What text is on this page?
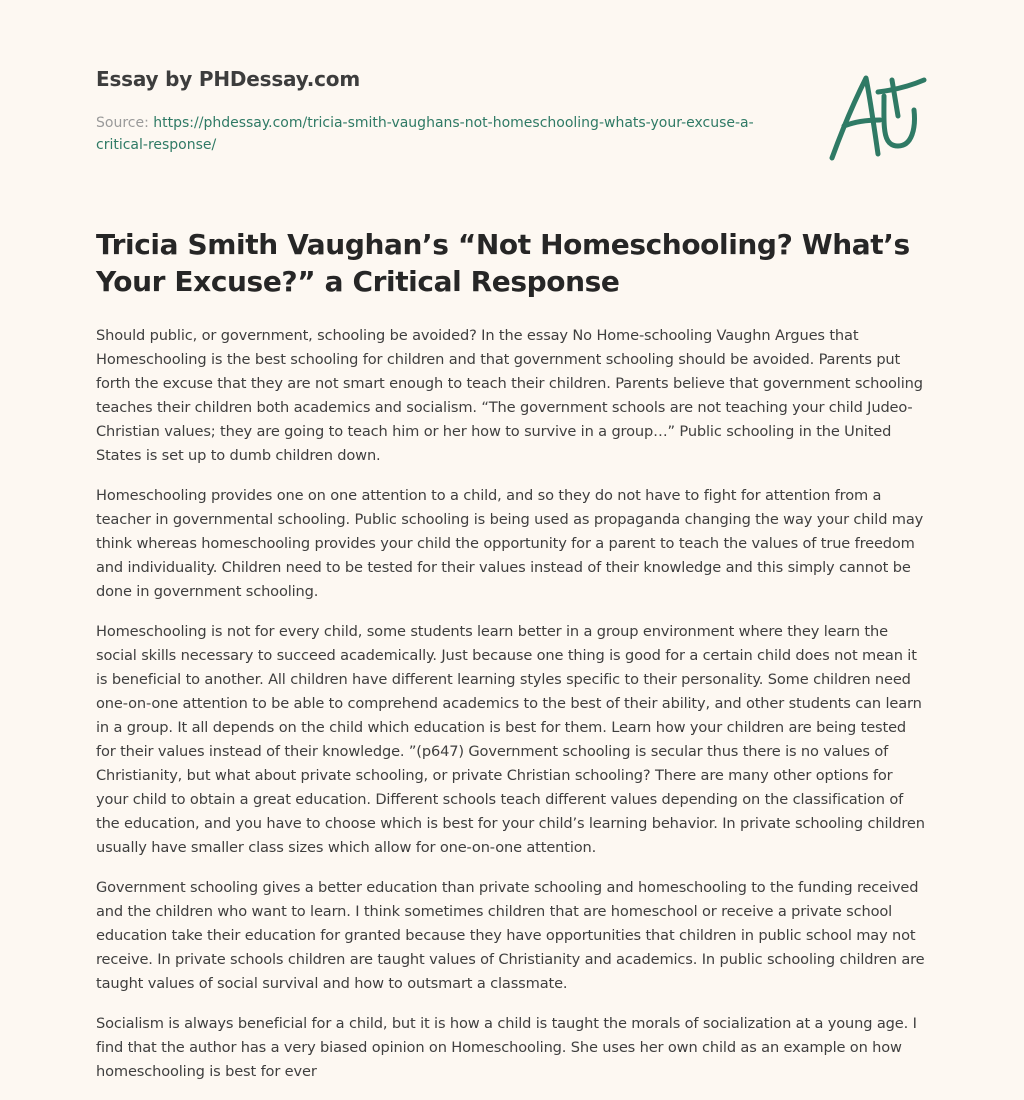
Essay by PHDessay.com
Source: https://phdessay.com/tricia-smith-vaughans-not-homeschooling-whats-your-excuse-a-critical-response/
Tricia Smith Vaughan’s “Not Homeschooling? What’s Your Excuse?” a Critical Response

Should public, or government, schooling be avoided? In the essay No Home-schooling Vaughn Argues that Homeschooling is the best schooling for children and that government schooling should be avoided. Parents put forth the excuse that they are not smart enough to teach their children. Parents believe that government schooling teaches their children both academics and socialism. “The government schools are not teaching your child Judeo-Christian values; they are going to teach him or her how to survive in a group…” Public schooling in the United States is set up to dumb children down.

Homeschooling provides one on one attention to a child, and so they do not have to fight for attention from a teacher in governmental schooling. Public schooling is being used as propaganda changing the way your child may think whereas homeschooling provides your child the opportunity for a parent to teach the values of true freedom and individuality. Children need to be tested for their values instead of their knowledge and this simply cannot be done in government schooling.

Homeschooling is not for every child, some students learn better in a group environment where they learn the social skills necessary to succeed academically. Just because one thing is good for a certain child does not mean it is beneficial to another. All children have different learning styles specific to their personality. Some children need one-on-one attention to be able to comprehend academics to the best of their ability, and other students can learn in a group. It all depends on the child which education is best for them. Learn how your children are being tested for their values instead of their knowledge. ”(p647) Government schooling is secular thus there is no values of Christianity, but what about private schooling, or private Christian schooling? There are many other options for your child to obtain a great education. Different schools teach different values depending on the classification of the education, and you have to choose which is best for your child’s learning behavior. In private schooling children usually have smaller class sizes which allow for one-on-one attention.

Government schooling gives a better education than private schooling and homeschooling to the funding received and the children who want to learn. I think sometimes children that are homeschool or receive a private school education take their education for granted because they have opportunities that children in public school may not receive. In private schools children are taught values of Christianity and academics. In public schooling children are taught values of social survival and how to outsmart a classmate.

Socialism is always beneficial for a child, but it is how a child is taught the morals of socialization at a young age. I find that the author has a very biased opinion on Homeschooling. She uses her own child as an example on how homeschooling is best for ever
